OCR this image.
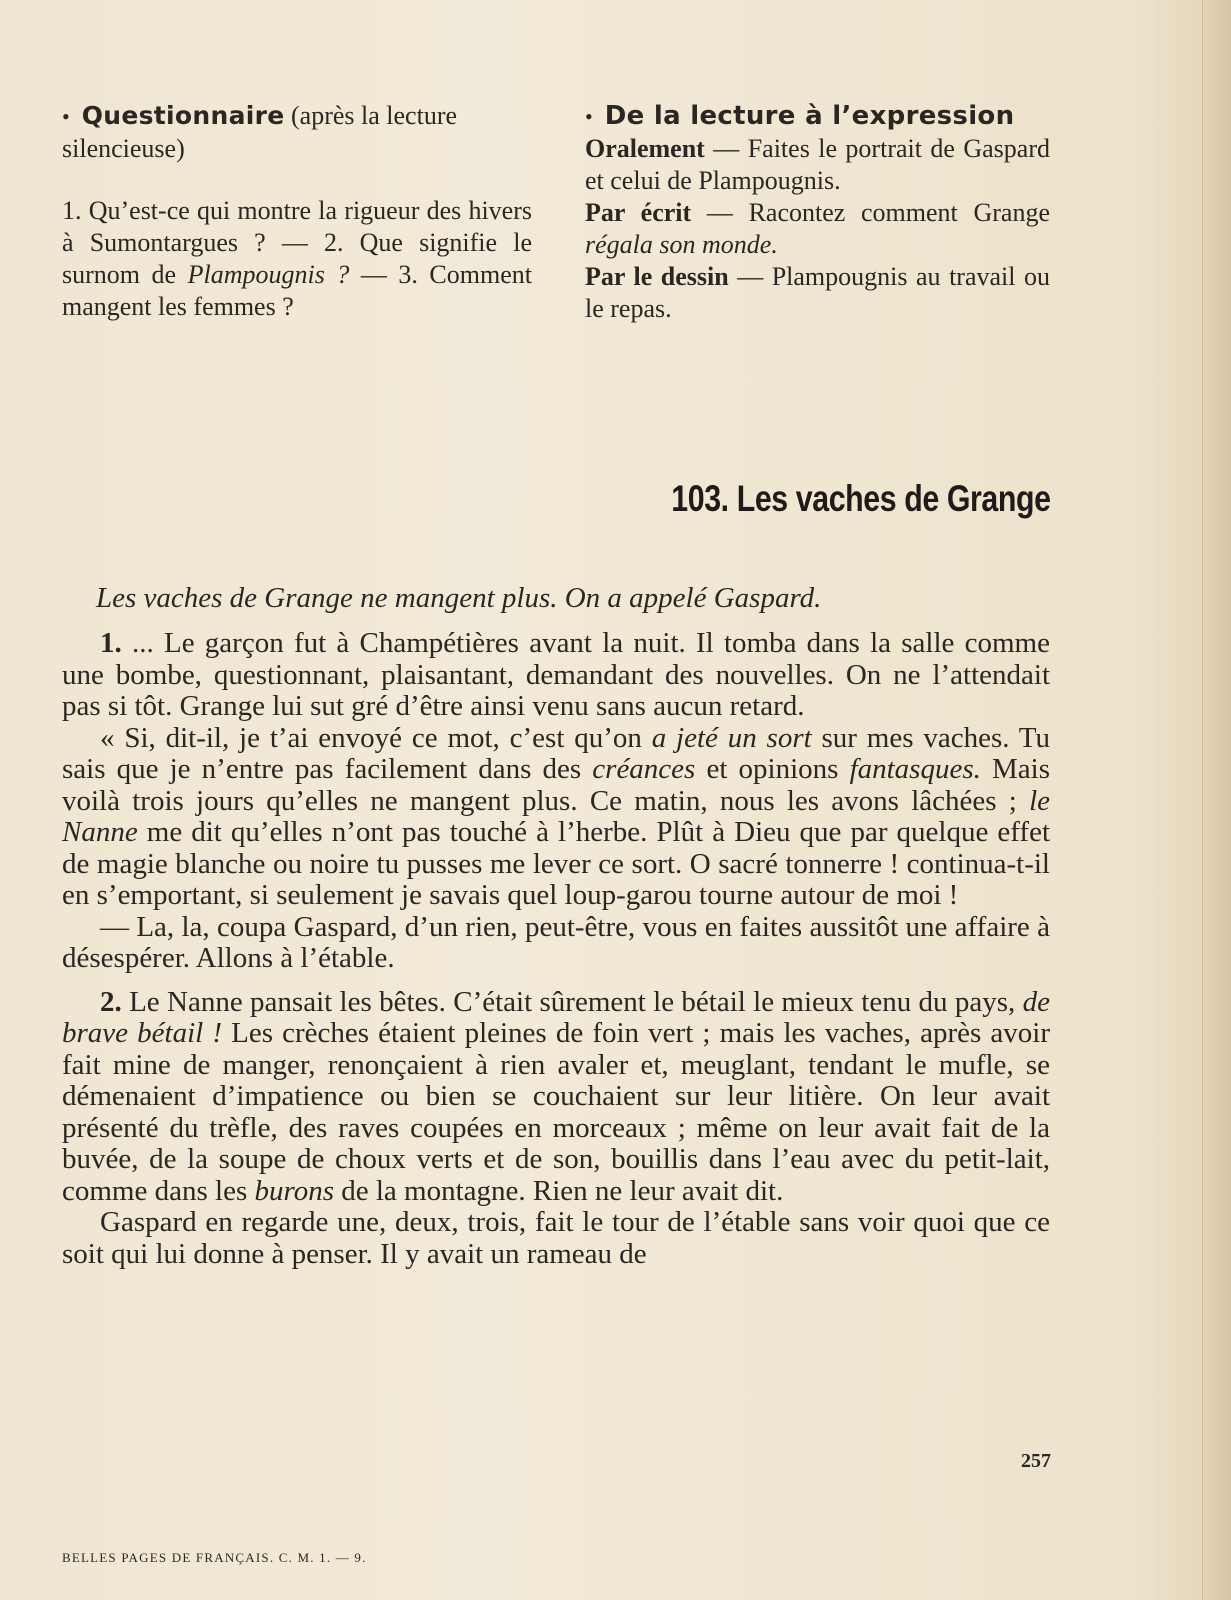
• Questionnaire (après la lecture
silencieuse)
1. Qu’est-ce qui montre la rigueur des hivers à Sumontargues ? — 2. Que signifie le surnom de Plampougnis ? — 3. Comment mangent les femmes ?
• De la lecture à l’expression

Oralement — Faites le portrait de Gaspard et celui de Plampougnis.

Par écrit — Racontez comment Grange régala son monde.

Par le dessin — Plampougnis au travail ou le repas.

103. Les vaches de Grange

Les vaches de Grange ne mangent plus. On a appelé Gaspard.

1. ... Le garçon fut à Champétières avant la nuit. Il tomba dans la salle comme une bombe, questionnant, plaisantant, demandant des nouvelles. On ne l’attendait pas si tôt. Grange lui sut gré d’être ainsi venu sans aucun retard.

« Si, dit-il, je t’ai envoyé ce mot, c’est qu’on a jeté un sort sur mes vaches. Tu sais que je n’entre pas facilement dans des créances et opinions fantasques. Mais voilà trois jours qu’elles ne mangent plus. Ce matin, nous les avons lâchées ; le Nanne me dit qu’elles n’ont pas touché à l’herbe. Plût à Dieu que par quelque effet de magie blanche ou noire tu pusses me lever ce sort. O sacré tonnerre ! continua-t-il en s’emportant, si seulement je savais quel loup-garou tourne autour de moi !

— La, la, coupa Gaspard, d’un rien, peut-être, vous en faites aussitôt une affaire à désespérer. Allons à l’étable.

2. Le Nanne pansait les bêtes. C’était sûrement le bétail le mieux tenu du pays, de brave bétail ! Les crèches étaient pleines de foin vert ; mais les vaches, après avoir fait mine de manger, renonçaient à rien avaler et, meuglant, tendant le mufle, se démenaient d’impatience ou bien se couchaient sur leur litière. On leur avait présenté du trèfle, des raves coupées en morceaux ; même on leur avait fait de la buvée, de la soupe de choux verts et de son, bouillis dans l’eau avec du petit-lait, comme dans les burons de la montagne. Rien ne leur avait dit.

Gaspard en regarde une, deux, trois, fait le tour de l’étable sans voir quoi que ce soit qui lui donne à penser. Il y avait un rameau de

257
BELLES PAGES DE FRANÇAIS. C. M. 1. — 9.
